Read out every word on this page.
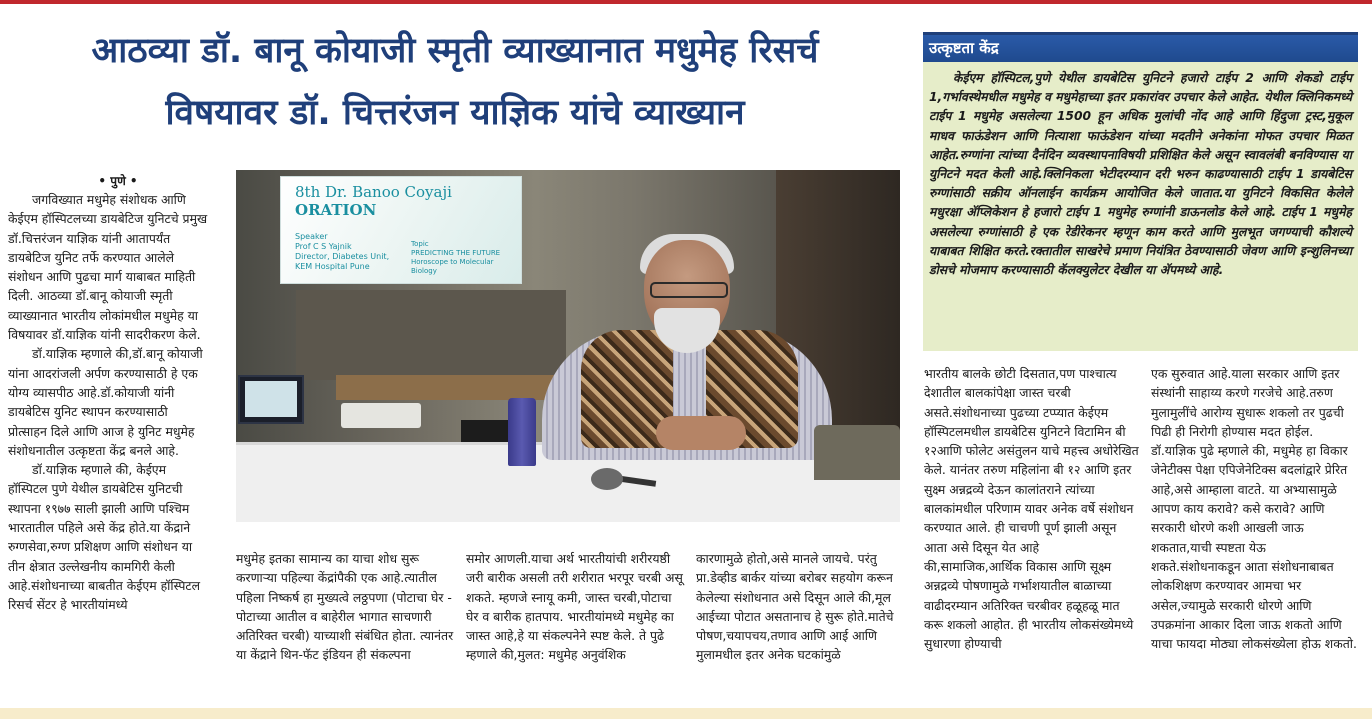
आठव्या डॉ. बानू कोयाजी स्मृती व्याख्यानात मधुमेह रिसर्च
विषयावर डॉ. चित्तरंजन याज्ञिक यांचे व्याख्यान
• पुणे •

जगविख्यात मधुमेह संशोधक आणि केईएम हॉस्पिटलच्या डायबेटिज युनिटचे प्रमुख डॉ.चित्तरंजन याज्ञिक यांनी आतापर्यंत डायबेटिज युनिट तर्फे करण्यात आलेले संशोधन आणि पुढचा मार्ग याबाबत माहिती दिली. आठव्या डॉ.बानू कोयाजी स्मृती व्याख्यानात भारतीय लोकांमधील मधुमेह या विषयावर डॉ.याज्ञिक यांनी सादरीकरण केले.

डॉ.याज्ञिक म्हणाले की,डॉ.बानू कोयाजी यांना आदरांजली अर्पण करण्यासाठी हे एक योग्य व्यासपीठ आहे.डॉ.कोयाजी यांनी डायबेटिस युनिट स्थापन करण्यासाठी प्रोत्साहन दिले आणि आज हे युनिट मधुमेह संशोधनातील उत्कृष्टता केंद्र बनले आहे.

डॉ.याज्ञिक म्हणाले की, केईएम हॉस्पिटल पुणे येथील डायबेटिस युनिटची स्थापना १९७७ साली झाली आणि पश्चिम भारतातील पहिले असे केंद्र होते.या केंद्राने रुग्णसेवा,रुग्ण प्रशिक्षण आणि संशोधन या तीन क्षेत्रात उल्लेखनीय कामगिरी केली आहे.संशोधनाच्या बाबतीत केईएम हॉस्पिटल रिसर्च सेंटर हे भारतीयांमध्ये

8th Dr. Banoo Coyaji
ORATION
Speaker
Prof C S Yajnik
Director, Diabetes Unit,
KEM Hospital Pune
Topic
PREDICTING THE FUTURE
Horoscope to Molecular Biology

मधुमेह इतका सामान्य का याचा शोध सुरू करणाऱ्या पहिल्या केंद्रांपैकी एक आहे.त्यातील पहिला निष्कर्ष हा मुख्यत्वे लठ्ठपणा (पोटाचा घेर - पोटाच्या आतील व बाहेरील भागात साचणारी अतिरिक्त चरबी) याच्याशी संबंधित होता. त्यानंतर या केंद्राने थिन-फॅट इंडियन ही संकल्पना

समोर आणली.याचा अर्थ भारतीयांची शरीरयष्ठी जरी बारीक असली तरी शरीरात भरपूर चरबी असू शकते. म्हणजे स्नायू कमी, जास्त चरबी,पोटाचा घेर व बारीक हातपाय. भारतीयांमध्ये मधुमेह का जास्त आहे,हे या संकल्पनेने स्पष्ट केले. ते पुढे म्हणाले की,मुलत: मधुमेह अनुवंशिक

कारणामुळे होतो,असे मानले जायचे. परंतु प्रा.डेव्हीड बार्कर यांच्या बरोबर सहयोग करून केलेल्या संशोधनात असे दिसून आले की,मूल आईच्या पोटात असतानाच हे सुरू होते.मातेचे पोषण,चयापचय,तणाव आणि आई आणि मुलामधील इतर अनेक घटकांमुळे

उत्कृष्टता केंद्र

केईएम हॉस्पिटल,पुणे येथील डायबेटिस युनिटने हजारो टाईप 2 आणि शेकडो टाईप 1,गर्भावस्थेमधील मधुमेह व मधुमेहाच्या इतर प्रकारांवर उपचार केले आहेत. येथील क्लिनिकमध्ये टाईप 1 मधुमेह असलेल्या 1500 हून अधिक मुलांची नोंद आहे आणि हिंदुजा ट्रस्ट,मुकूल माधव फाऊंडेशन आणि नित्याशा फाऊंडेशन यांच्या मदतीने अनेकांना मोफत उपचार मिळत आहेत.रुग्णांना त्यांच्या दैनंदिन व्यवस्थापनाविषयी प्रशिक्षित केले असून स्वावलंबी बनविण्यास या युनिटने मदत केली आहे.क्लिनिकला भेटीदरम्यान दरी भरुन काढण्यासाठी टाईप 1 डायबेटिस रुग्णांसाठी सक्रीय ऑनलाईन कार्यक्रम आयोजित केले जातात.या युनिटने विकसित केलेले मधुरक्षा ॲप्लिकेशन हे हजारो टाईप 1 मधुमेह रुग्णांनी डाऊनलोड केले आहे. टाईप 1 मधुमेह असलेल्या रुग्णांसाठी हे एक रेडीरेकनर म्हणून काम करते आणि मुलभूत जगण्याची कौशल्ये याबाबत शिक्षित करते.रक्तातील साखरेचे प्रमाण नियंत्रित ठेवण्यासाठी जेवण आणि इन्शुलिनच्या डोसचे मोजमाप करण्यासाठी कॅलक्युलेटर देखील या ॲपमध्ये आहे.

भारतीय बालके छोटी दिसतात,पण पाश्चात्य देशातील बालकांपेक्षा जास्त चरबी असते.संशोधनाच्या पुढच्या टप्प्यात केईएम हॉस्पिटलमधील डायबेटिस युनिटने विटामिन बी १२आणि फोलेट असंतुलन याचे महत्त्व अधोरेखित केले. यानंतर तरुण महिलांना बी १२ आणि इतर सुक्ष्म अन्नद्रव्ये देऊन कालांतराने त्यांच्या बालकांमधील परिणाम यावर अनेक वर्षे संशोधन करण्यात आले. ही चाचणी पूर्ण झाली असून आता असे दिसून येत आहे की,सामाजिक,आर्थिक विकास आणि सूक्ष्म अन्नद्रव्ये पोषणामुळे गर्भाशयातील बाळाच्या वाढीदरम्यान अतिरिक्त चरबीवर हळूहळू मात करू शकलो आहोत. ही भारतीय लोकसंख्येमध्ये सुधारणा होण्याची

एक सुरुवात आहे.याला सरकार आणि इतर संस्थांनी साहाय्य करणे गरजेचे आहे.तरुण मुलामुलींचे आरोग्य सुधारू शकलो तर पुढची पिढी ही निरोगी होण्यास मदत होईल. डॉ.याज्ञिक पुढे म्हणाले की, मधुमेह हा विकार जेनेटीक्स पेक्षा एपिजेनेटिक्स बदलांद्वारे प्रेरित आहे,असे आम्हाला वाटते. या अभ्यासामुळे आपण काय करावे? कसे करावे? आणि सरकारी धोरणे कशी आखली जाऊ शकतात,याची स्पष्टता येऊ शकते.संशोधनाकडून आता संशोधनाबाबत लोकशिक्षण करण्यावर आमचा भर असेल,ज्यामुळे सरकारी धोरणे आणि उपक्रमांना आकार दिला जाऊ शकतो आणि याचा फायदा मोठ्या लोकसंख्येला होऊ शकतो.
